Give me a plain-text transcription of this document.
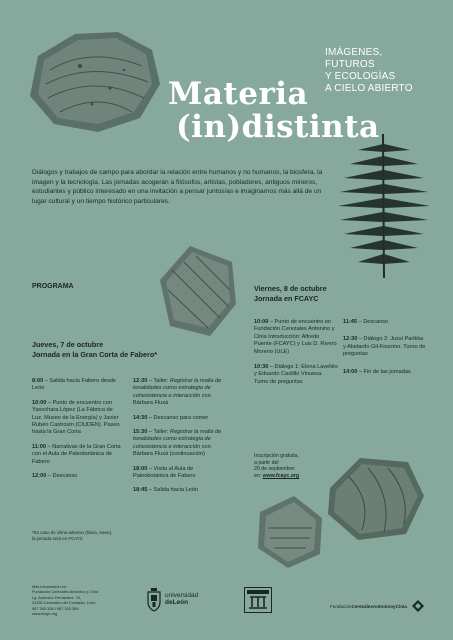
IMÁGENES,
FUTUROS
Y ECOLOGÍAS
A CIELO ABIERTO
Materia
(in)distinta
Diálogos y trabajos de campo para abordar la relación entre humanos y no humanos, la biosfera, la imagen y la tecnología. Las jornadas acogerán a filósofos, artistas, pobladores, antiguos mineros, estudiantes y público interesado en una invitación a pensar juntos/as e imaginarnos más allá de un lugar cultural y un tiempo histórico particulares.
PROGRAMA
Jueves, 7 de octubre
Jornada en la Gran Corta de Fabero*
8:00 – Salida hacia Fabero desde León
10:00 – Punto de encuentro con Yasochara López (La Fábrica de Luz. Museo de la Energía) y Javier Rubén Castrosín (CIUDEN). Paseo hasta la Gran Corta
11:00 – Narrativas de la Gran Corta con el Aula de Paleobotánica de Fabero
12:00 – Descanso
*En caso de clima adverso (lluvia, nieve), la jornada será en FCAYC
12:30 – Taller: Registrar la malla de tonalidades como estrategia de cohesistencia e interacción con Bárbara Fluxá
14:30 – Descanso para comer
15:30 – Taller: Registrar la malla de tonalidades como estrategia de cohesistencia e interacción con Bárbara Fluxá (continuación)
18:00 – Visita al Aula de Paleobotánica de Fabero
18:45 – Salida hacia León
Viernes, 8 de octubre
Jornada en FCAYC
10:00 – Punto de encuentro en Fundación Cerezales Antonino y Cinia Introducción: Alfredo Puente (FCAYC) y Luis D. Rivero Moreno (ULE)
10:30 – Diálogo 1: Elena Lavellés y Eduardo Castillo Vinuesa. Turno de preguntas
11:45 – Descanso
12:30 – Diálogo 2: Jussi Parikka y Abelardo Gil-Fournier. Turno de preguntas
14:00 – Fin de las jornadas
Inscripción gratuita,
a partir del
20 de septiembre:
en: www.fcayc.org
Más información en:
Fundación Cerezales Antonino y Cinia
Lg. Antonino Fernández, 78,
24150 Cerezales del Condado, León.
987 343 336 / 987 343 389
www.fcayc.org
universidad
deLeón
FundaciónCerezalesAntoninoyCinia
